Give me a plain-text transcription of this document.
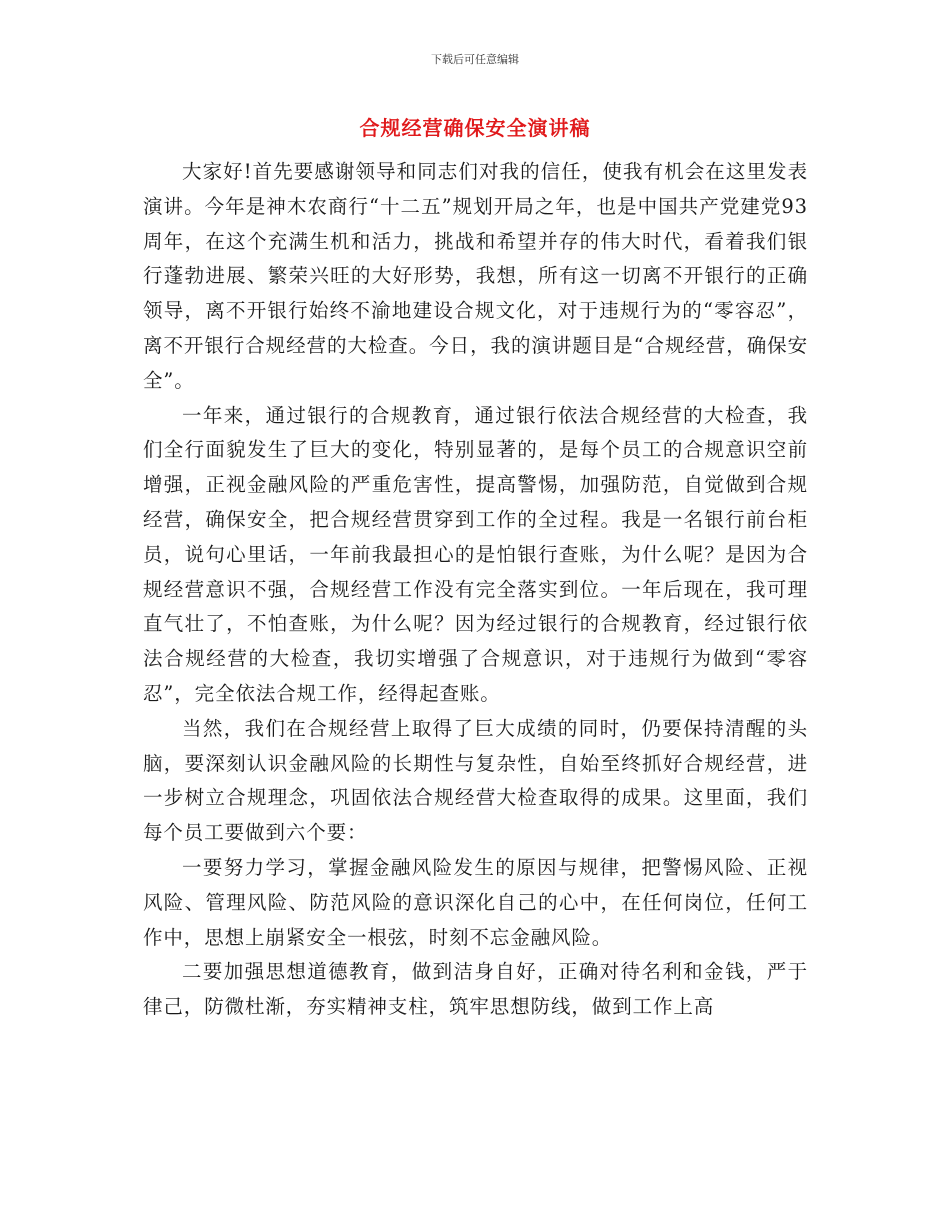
下载后可任意编辑
合规经营确保安全演讲稿

大家好!首先要感谢领导和同志们对我的信任，使我有机会在这里发表演讲。今年是神木农商行“十二五”规划开局之年，也是中国共产党建党93周年，在这个充满生机和活力，挑战和希望并存的伟大时代，看着我们银行蓬勃进展、繁荣兴旺的大好形势，我想，所有这一切离不开银行的正确领导，离不开银行始终不渝地建设合规文化，对于违规行为的“零容忍”，离不开银行合规经营的大检查。今日，我的演讲题目是“合规经营，确保安全”。

一年来，通过银行的合规教育，通过银行依法合规经营的大检查，我们全行面貌发生了巨大的变化，特别显著的，是每个员工的合规意识空前增强，正视金融风险的严重危害性，提高警惕，加强防范，自觉做到合规经营，确保安全，把合规经营贯穿到工作的全过程。我是一名银行前台柜员，说句心里话，一年前我最担心的是怕银行查账，为什么呢？是因为合规经营意识不强，合规经营工作没有完全落实到位。一年后现在，我可理直气壮了，不怕查账，为什么呢？因为经过银行的合规教育，经过银行依法合规经营的大检查，我切实增强了合规意识，对于违规行为做到“零容忍”，完全依法合规工作，经得起查账。

当然，我们在合规经营上取得了巨大成绩的同时，仍要保持清醒的头脑，要深刻认识金融风险的长期性与复杂性，自始至终抓好合规经营，进一步树立合规理念，巩固依法合规经营大检查取得的成果。这里面，我们每个员工要做到六个要：

一要努力学习，掌握金融风险发生的原因与规律，把警惕风险、正视风险、管理风险、防范风险的意识深化自己的心中，在任何岗位，任何工作中，思想上崩紧安全一根弦，时刻不忘金融风险。

二要加强思想道德教育，做到洁身自好，正确对待名利和金钱，严于律己，防微杜渐，夯实精神支柱，筑牢思想防线，做到工作上高
